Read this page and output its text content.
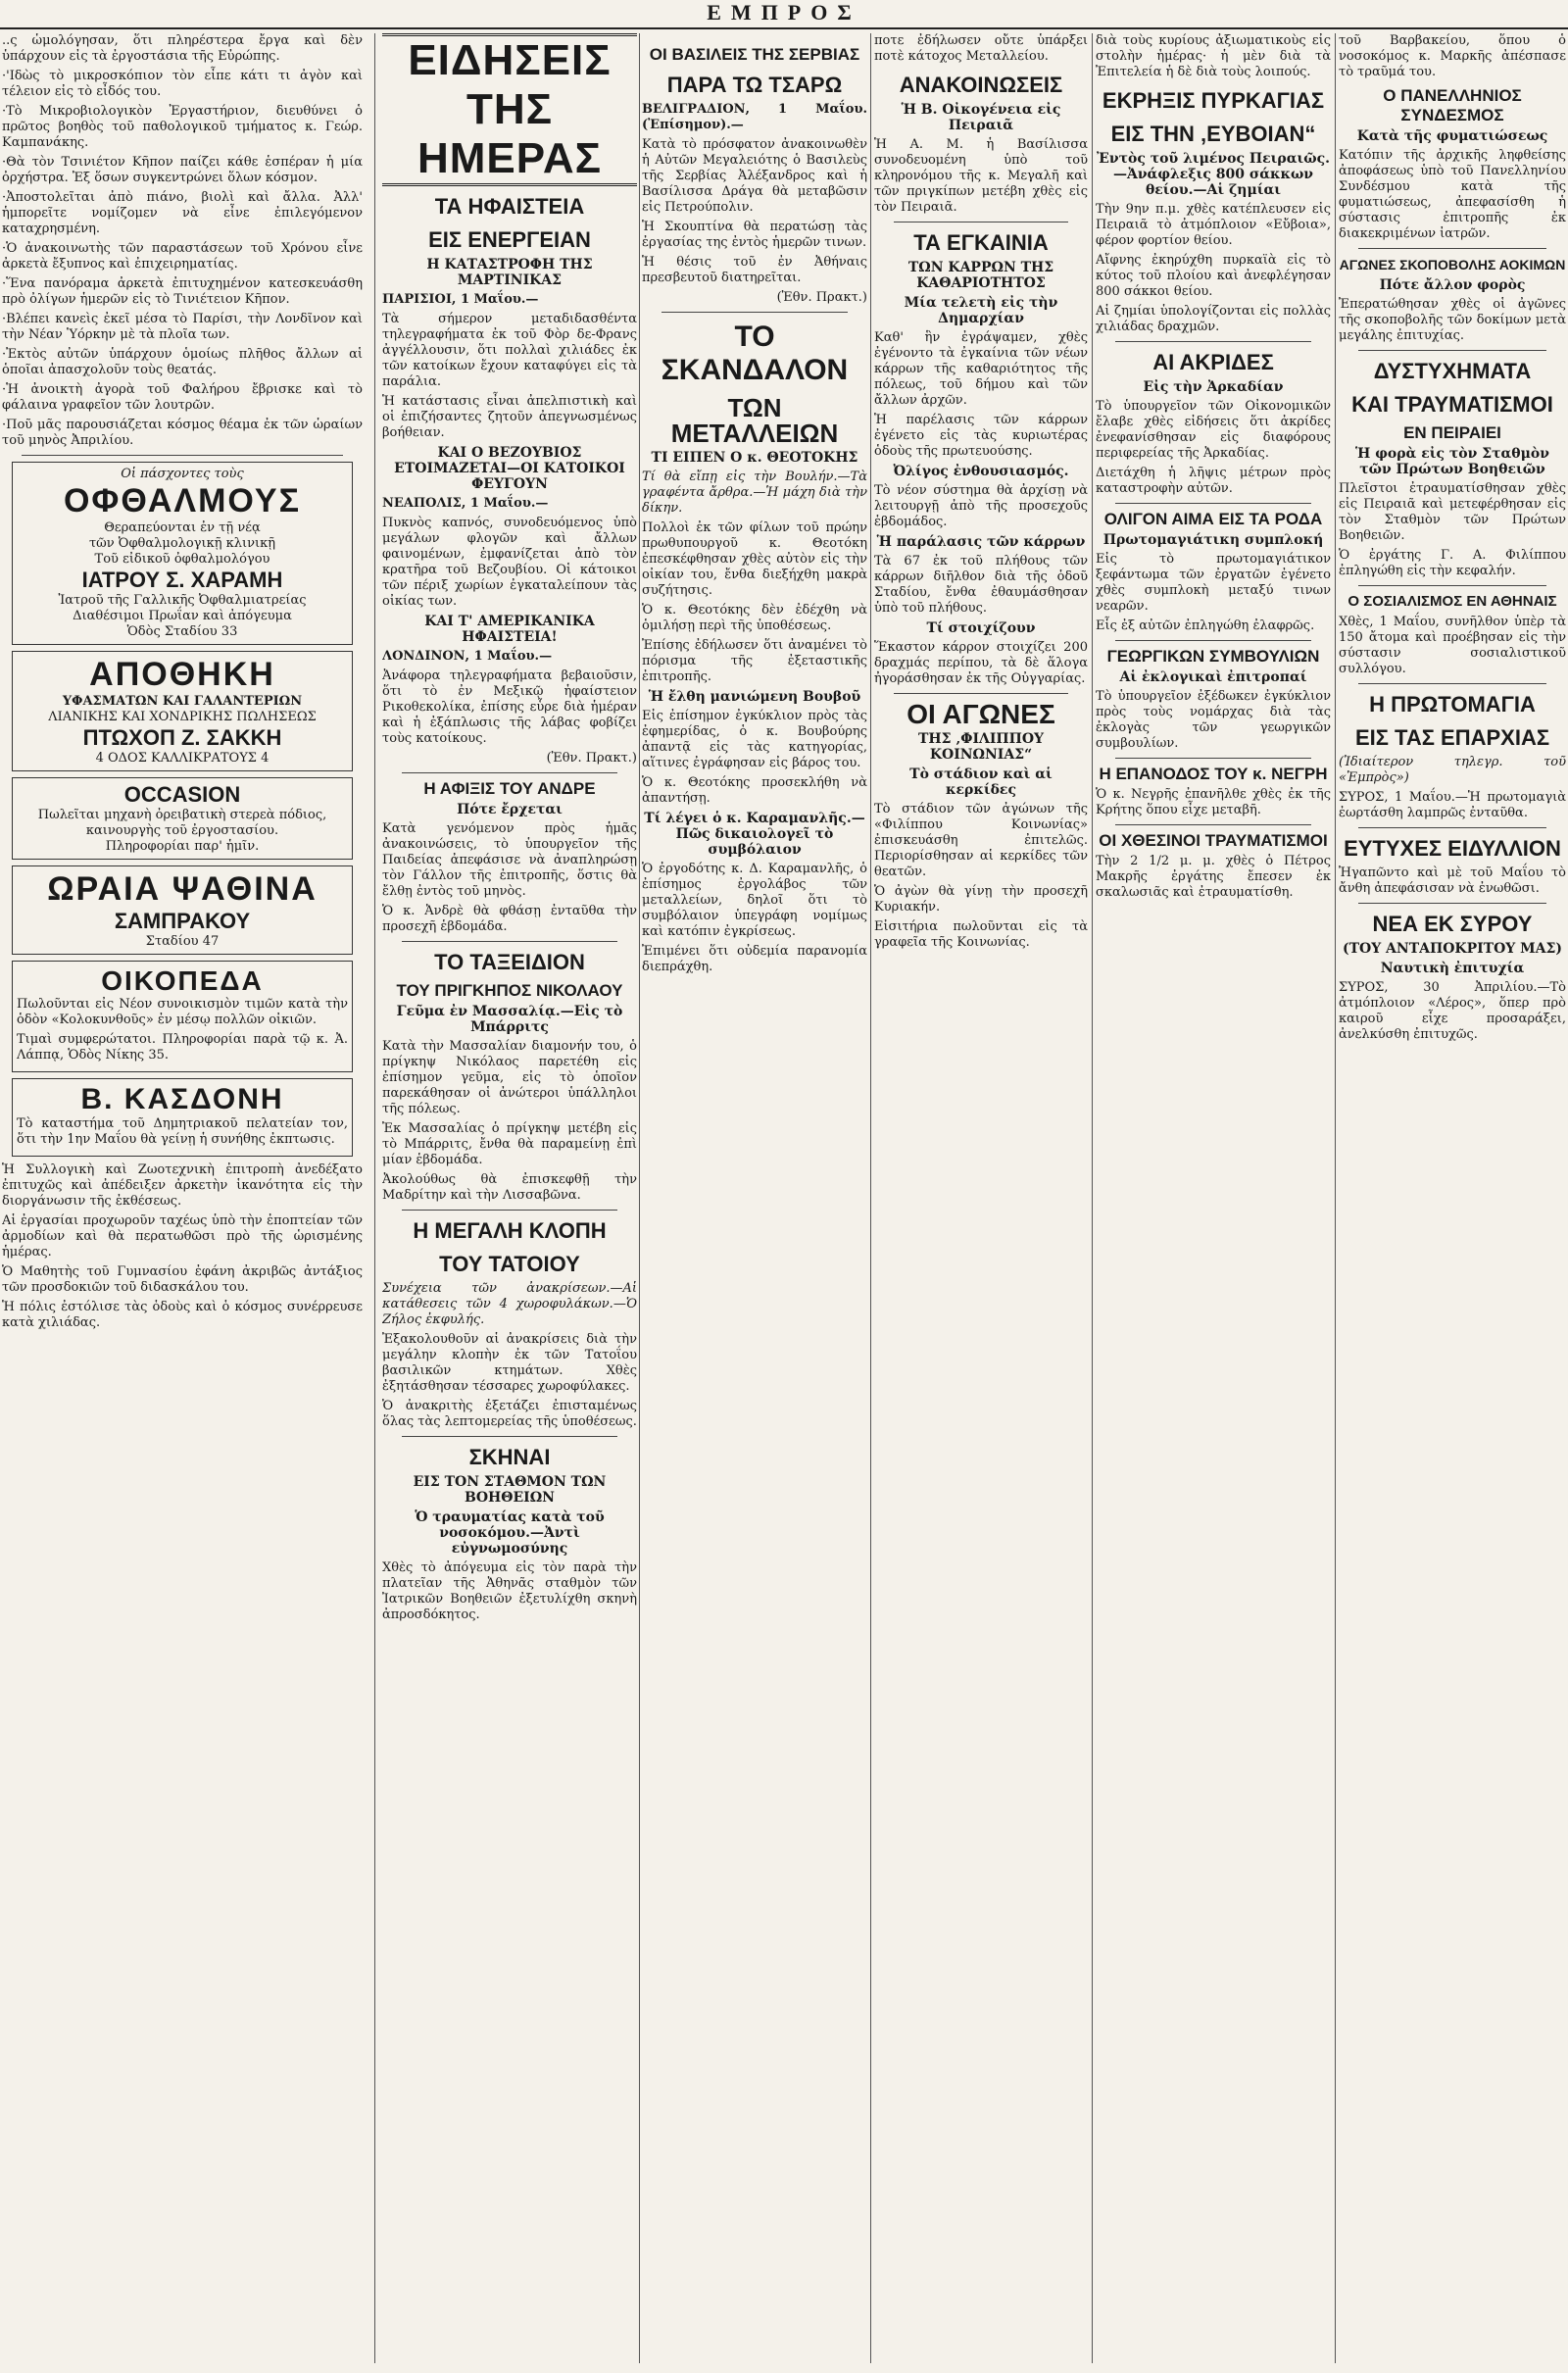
ΕΜΠΡΟΣ

..ς ὡμολόγησαν, ὅτι πληρέστερα ἔργα καὶ δὲν ὑπάρχουν εἰς τὰ ἐργοστάσια τῆς Εὐρώπης.

·'Ιδὼς τὸ μικροσκόπιον τὸν εἶπε κάτι τι ἀγὸν καὶ τέλειον εἰς τὸ εἶδός του.

·Τὸ Μικροβιολογικὸν Ἐργαστήριον, διευθύνει ὁ πρῶτος βοηθὸς τοῦ παθολογικοῦ τμήματος κ. Γεώρ. Καμπανάκης.

·Θὰ τὸν Τσινιέτον Κῆπον παίζει κάθε ἑσπέραν ἡ μία ὀρχήστρα. Ἐξ ὅσων συγκεντρώνει ὅλων κόσμον.

·Ἀποστολεῖται ἀπὸ πιάνο, βιολὶ καὶ ἄλλα. Ἀλλ' ἡμπορεῖτε νομίζομεν νὰ εἶνε ἐπιλεγόμενον καταχρησμένη.

·Ὁ ἀνακοινωτὴς τῶν παραστάσεων τοῦ Χρόνου εἶνε ἀρκετὰ ἔξυπνος καὶ ἐπιχειρηματίας.

·Ἕνα πανόραμα ἀρκετὰ ἐπιτυχημένον κατεσκευάσθη πρὸ ὀλίγων ἡμερῶν εἰς τὸ Τινιέτειον Κῆπον.

·Βλέπει κανεὶς ἐκεῖ μέσα τὸ Παρίσι, τὴν Λονδῖνον καὶ τὴν Νέαν Ὑόρκην μὲ τὰ πλοῖα των.

·Ἐκτὸς αὐτῶν ὑπάρχουν ὁμοίως πλῆθος ἄλλων αἱ ὁποῖαι ἀπασχολοῦν τοὺς θεατάς.

·Ἡ ἀνοικτὴ ἀγορὰ τοῦ Φαλήρου ἔβρισκε καὶ τὸ φάλαινα γραφεῖον τῶν λουτρῶν.

·Ποῦ μᾶς παρουσιάζεται κόσμος θέαμα ἐκ τῶν ὡραίων τοῦ μηνὸς Ἀπριλίου.

Οἱ πάσχοντες τοὺς
ΟΦΘΑΛΜΟΥΣ
Θεραπεύονται ἐν τῇ νέᾳ
τῶν Ὀφθαλμολογικῇ κλινικῇ
Τοῦ εἰδικοῦ ὀφθαλμολόγου
ΙΑΤΡΟΥ Σ. ΧΑΡΑΜΗ
Ἰατροῦ τῆς Γαλλικῆς Ὀφθαλμιατρείας
Διαθέσιμοι Πρωΐαν καὶ ἀπόγευμα
Ὁδὸς Σταδίου 33
ΑΠΟΘΗΚΗ
ΥΦΑΣΜΑΤΩΝ ΚΑΙ ΓΑΛΑΝΤΕΡΙΩΝ
ΛΙΑΝΙΚΗΣ ΚΑΙ ΧΟΝΔΡΙΚΗΣ ΠΩΛΗΣΕΩΣ
ΠΤΩΧΟΠ Ζ. ΣΑΚΚΗ
4 ΟΔΟΣ ΚΑΛΛΙΚΡΑΤΟΥΣ 4
OCCASION
Πωλεῖται μηχανὴ ὀρειβατικὴ στερεὰ πόδιος, καινουργὴς τοῦ ἐργοστασίου.
Πληροφορίαι παρ' ἡμῖν.
ΩΡΑΙΑ ΨΑΘΙΝΑ
ΣΑΜΠΡΑΚΟΥ
Σταδίου 47
ΟΙΚΟΠΕΔΑ

Πωλοῦνται εἰς Νέον συνοικισμὸν τιμῶν κατὰ τὴν ὁδὸν «Κολοκυνθοῦς» ἐν μέσῳ πολλῶν οἰκιῶν.

Τιμαὶ συμφερώτατοι. Πληροφορίαι παρὰ τῷ κ. Ἀ. Λάππᾳ, Ὁδὸς Νίκης 35.

Β. ΚΑΣΔΟΝΗ

Τὸ καταστήμα τοῦ Δημητριακοῦ πελατείαν τον, ὅτι τὴν 1ην Μαΐου θὰ γείνῃ ἡ συνήθης ἐκπτωσις.

Ἡ Συλλογικὴ καὶ Ζωοτεχνικὴ ἐπιτροπὴ ἀνεδέξατο ἐπιτυχῶς καὶ ἀπέδειξεν ἀρκετὴν ἱκανότητα εἰς τὴν διοργάνωσιν τῆς ἐκθέσεως.

Αἱ ἐργασίαι προχωροῦν ταχέως ὑπὸ τὴν ἐποπτείαν τῶν ἀρμοδίων καὶ θὰ περατωθῶσι πρὸ τῆς ὡρισμένης ἡμέρας.

Ὁ Μαθητὴς τοῦ Γυμνασίου ἐφάνη ἀκριβῶς ἀντάξιος τῶν προσδοκιῶν τοῦ διδασκάλου του.

Ἡ πόλις ἐστόλισε τὰς ὁδοὺς καὶ ὁ κόσμος συνέρρευσε κατὰ χιλιάδας.

ΕΙΔΗΣΕΙΣ ΤΗΣ ΗΜΕΡΑΣ
ΤΑ ΗΦΑΙΣΤΕΙΑ
ΕΙΣ ΕΝΕΡΓΕΙΑΝ
Η ΚΑΤΑΣΤΡΟΦΗ ΤΗΣ ΜΑΡΤΙΝΙΚΑΣ

ΠΑΡΙΣΙΟΙ, 1 Μαΐου.—

Τὰ σήμερον μεταδιδασθέντα τηλεγραφήματα ἐκ τοῦ Φὸρ δε-Φρανς ἀγγέλλουσιν, ὅτι πολλαὶ χιλιάδες ἐκ τῶν κατοίκων ἔχουν καταφύγει εἰς τὰ παράλια.

Ἡ κατάστασις εἶναι ἀπελπιστικὴ καὶ οἱ ἐπιζήσαντες ζητοῦν ἀπεγνωσμένως βοήθειαν.

ΚΑΙ Ο ΒΕΖΟΥΒΙΟΣ ΕΤΟΙΜΑΖΕΤΑΙ—ΟΙ ΚΑΤΟΙΚΟΙ ΦΕΥΓΟΥΝ

ΝΕΑΠΟΛΙΣ, 1 Μαΐου.—

Πυκνὸς καπνός, συνοδευόμενος ὑπὸ μεγάλων φλογῶν καὶ ἄλλων φαινομένων, ἐμφανίζεται ἀπὸ τὸν κρατῆρα τοῦ Βεζουβίου. Οἱ κάτοικοι τῶν πέριξ χωρίων ἐγκαταλείπουν τὰς οἰκίας των.

ΚΑΙ Τ' ΑΜΕΡΙΚΑΝΙΚΑ ΗΦΑΙΣΤΕΙΑ!

ΛΟΝΔΙΝΟΝ, 1 Μαΐου.—

Ἀνάφορα τηλεγραφήματα βεβαιοῦσιν, ὅτι τὸ ἐν Μεξικῷ ἡφαίστειον Ρικοθεκολίκα, ἐπίσης εὗρε διὰ ἡμέραν καὶ ἡ ἐξάπλωσις τῆς λάβας φοβίζει τοὺς κατοίκους.

(Ἐθν. Πρακτ.)

Η ΑΦΙΞΙΣ ΤΟΥ ΑΝΔΡΕ
Πότε ἔρχεται

Κατὰ γενόμενον πρὸς ἡμᾶς ἀνακοινώσεις, τὸ ὑπουργεῖον τῆς Παιδείας ἀπεφάσισε νὰ ἀναπληρώσῃ τὸν Γάλλον τῆς ἐπιτροπῆς, ὅστις θὰ ἔλθῃ ἐντὸς τοῦ μηνὸς.

Ὁ κ. Ἀνδρὲ θὰ φθάσῃ ἐνταῦθα τὴν προσεχῆ ἑβδομάδα.

ΤΟ ΤΑΞΕΙΔΙΟΝ
ΤΟΥ ΠΡΙΓΚΗΠΟΣ ΝΙΚΟΛΑΟΥ
Γεῦμα ἐν Μασσαλίᾳ.—Εἰς τὸ Μπάρριτς

Κατὰ τὴν Μασσαλίαν διαμονήν του, ὁ πρίγκηψ Νικόλαος παρετέθη εἰς ἐπίσημον γεῦμα, εἰς τὸ ὁποῖον παρεκάθησαν οἱ ἀνώτεροι ὑπάλληλοι τῆς πόλεως.

Ἐκ Μασσαλίας ὁ πρίγκηψ μετέβη εἰς τὸ Μπάρριτς, ἔνθα θὰ παραμείνῃ ἐπὶ μίαν ἑβδομάδα.

Ἀκολούθως θὰ ἐπισκεφθῇ τὴν Μαδρίτην καὶ τὴν Λισσαβῶνα.

Η ΜΕΓΑΛΗ ΚΛΟΠΗ
ΤΟΥ ΤΑΤΟΙΟΥ

Συνέχεια τῶν ἀνακρίσεων.—Αἱ κατάθεσεις τῶν 4 χωροφυλάκων.—Ὁ Ζήλος ἐκφυλής.

Ἐξακολουθοῦν αἱ ἀνακρίσεις διὰ τὴν μεγάλην κλοπὴν ἐκ τῶν Τατοΐου βασιλικῶν κτημάτων. Χθὲς ἐξητάσθησαν τέσσαρες χωροφύλακες.

Ὁ ἀνακριτὴς ἐξετάζει ἐπισταμένως ὅλας τὰς λεπτομερείας τῆς ὑποθέσεως.

ΣΚΗΝΑΙ
ΕΙΣ ΤΟΝ ΣΤΑΘΜΟΝ ΤΩΝ ΒΟΗΘΕΙΩΝ
Ὁ τραυματίας κατὰ τοῦ νοσοκόμου.—Ἀντὶ εὐγνωμοσύνης

Χθὲς τὸ ἀπόγευμα εἰς τὸν παρὰ τὴν πλατεῖαν τῆς Ἀθηνᾶς σταθμὸν τῶν Ἰατρικῶν Βοηθειῶν ἐξετυλίχθη σκηνὴ ἀπροσδόκητος.

ΟΙ ΒΑΣΙΛΕΙΣ ΤΗΣ ΣΕΡΒΙΑΣ
ΠΑΡΑ ΤΩ ΤΣΑΡΩ

ΒΕΛΙΓΡΑΔΙΟΝ, 1 Μαΐου. (Ἐπίσημον).—

Κατὰ τὸ πρόσφατον ἀνακοινωθὲν ἡ Αὐτῶν Μεγαλειότης ὁ Βασιλεὺς τῆς Σερβίας Ἀλέξανδρος καὶ ἡ Βασίλισσα Δράγα θὰ μεταβῶσιν εἰς Πετρούπολιν.

Ἡ Σκουπτίνα θὰ περατώσῃ τὰς ἐργασίας της ἐντὸς ἡμερῶν τινων.

Ἡ θέσις τοῦ ἐν Ἀθήναις πρεσβευτοῦ διατηρεῖται.

(Ἐθν. Πρακτ.)

ΤΟ ΣΚΑΝΔΑΛΟΝ
ΤΩΝ ΜΕΤΑΛΛΕΙΩΝ
ΤΙ ΕΙΠΕΝ Ο κ. ΘΕΟΤΟΚΗΣ

Τί θὰ εἴπῃ εἰς τὴν Βουλήν.—Τὰ γραφέντα ἄρθρα.—Ἡ μάχη διὰ τὴν δίκην.

Πολλοὶ ἐκ τῶν φίλων τοῦ πρώην πρωθυπουργοῦ κ. Θεοτόκη ἐπεσκέφθησαν χθὲς αὐτὸν εἰς τὴν οἰκίαν του, ἔνθα διεξήχθη μακρὰ συζήτησις.

Ὁ κ. Θεοτόκης δὲν ἐδέχθη νὰ ὁμιλήσῃ περὶ τῆς ὑποθέσεως.

Ἐπίσης ἐδήλωσεν ὅτι ἀναμένει τὸ πόρισμα τῆς ἐξεταστικῆς ἐπιτροπῆς.

Ἡ ἔλθη μανιώμενη Βουβοῦ

Εἰς ἐπίσημον ἐγκύκλιον πρὸς τὰς ἐφημερίδας, ὁ κ. Βουβούρης ἀπαντᾷ εἰς τὰς κατηγορίας, αἵτινες ἐγράφησαν εἰς βάρος του.

Ὁ κ. Θεοτόκης προσεκλήθη νὰ ἀπαντήσῃ.

Τί λέγει ὁ κ. Καραμανλῆς.—Πῶς δικαιολογεῖ τὸ συμβόλαιον

Ὁ ἐργοδότης κ. Δ. Καραμανλῆς, ὁ ἐπίσημος ἐργολάβος τῶν μεταλλείων, δηλοῖ ὅτι τὸ συμβόλαιον ὑπεγράφη νομίμως καὶ κατόπιν ἐγκρίσεως.

Ἐπιμένει ὅτι οὐδεμία παρανομία διεπράχθη.

ποτε ἐδήλωσεν οὔτε ὑπάρξει ποτὲ κάτοχος Μεταλλείου.

ΑΝΑΚΟΙΝΩΣΕΙΣ
Ἡ Β. Οἰκογένεια εἰς Πειραιᾶ

Ἡ Α. Μ. ἡ Βασίλισσα συνοδευομένη ὑπὸ τοῦ κληρονόμου τῆς κ. Μεγαλῆ καὶ τῶν πριγκίπων μετέβη χθὲς εἰς τὸν Πειραιᾶ.

ΤΑ ΕΓΚΑΙΝΙΑ
ΤΩΝ ΚΑΡΡΩΝ ΤΗΣ ΚΑΘΑΡΙΟΤΗΤΟΣ
Μία τελετὴ εἰς τὴν Δημαρχίαν

Καθ' ἣν ἐγράψαμεν, χθὲς ἐγένοντο τὰ ἐγκαίνια τῶν νέων κάρρων τῆς καθαριότητος τῆς πόλεως, τοῦ δήμου καὶ τῶν ἄλλων ἀρχῶν.

Ἡ παρέλασις τῶν κάρρων ἐγένετο εἰς τὰς κυριωτέρας ὁδοὺς τῆς πρωτευούσης.

Ὀλίγος ἐνθουσιασμός.

Τὸ νέον σύστημα θὰ ἀρχίσῃ νὰ λειτουργῇ ἀπὸ τῆς προσεχοῦς ἑβδομάδος.

Ἡ παράλασις τῶν κάρρων

Τὰ 67 ἐκ τοῦ πλήθους τῶν κάρρων διῆλθον διὰ τῆς ὁδοῦ Σταδίου, ἔνθα ἐθαυμάσθησαν ὑπὸ τοῦ πλήθους.

Τί στοιχίζουν

Ἕκαστον κάρρον στοιχίζει 200 δραχμάς περίπου, τὰ δὲ ἅλογα ἠγοράσθησαν ἐκ τῆς Οὐγγαρίας.

ΟΙ ΑΓΩΝΕΣ
ΤΗΣ ‚ΦΙΛΙΠΠΟΥ ΚΟΙΝΩΝΙΑΣ“
Τὸ στάδιον καὶ αἱ κερκίδες

Τὸ στάδιον τῶν ἀγώνων τῆς «Φιλίππου Κοινωνίας» ἐπισκευάσθη ἐπιτελῶς. Περιορίσθησαν αἱ κερκίδες τῶν θεατῶν.

Ὁ ἀγὼν θὰ γίνῃ τὴν προσεχῆ Κυριακήν.

Εἰσιτήρια πωλοῦνται εἰς τὰ γραφεῖα τῆς Κοινωνίας.

διὰ τοὺς κυρίους ἀξιωματικοὺς εἰς στολὴν ἡμέρας· ἡ μὲν διὰ τὰ Ἐπιτελεία ἡ δὲ διὰ τοὺς λοιπούς.

ΕΚΡΗΞΙΣ ΠΥΡΚΑΓΙΑΣ
ΕΙΣ ΤΗΝ ‚ΕΥΒΟΙΑΝ“
Ἐντὸς τοῦ λιμένος Πειραιῶς.—Ἀνάφλεξις 800 σάκκων θείου.—Αἱ ζημίαι

Τὴν 9ην π.μ. χθὲς κατέπλευσεν εἰς Πειραιᾶ τὸ ἀτμόπλοιον «Εὔβοια», φέρον φορτίον θείου.

Αἴφνης ἐκηρύχθη πυρκαϊὰ εἰς τὸ κύτος τοῦ πλοίου καὶ ἀνεφλέγησαν 800 σάκκοι θείου.

Αἱ ζημίαι ὑπολογίζονται εἰς πολλὰς χιλιάδας δραχμῶν.

ΑΙ ΑΚΡΙΔΕΣ
Εἰς τὴν Ἀρκαδίαν

Τὸ ὑπουργεῖον τῶν Οἰκονομικῶν ἔλαβε χθὲς εἰδήσεις ὅτι ἀκρίδες ἐνεφανίσθησαν εἰς διαφόρους περιφερείας τῆς Ἀρκαδίας.

Διετάχθη ἡ λῆψις μέτρων πρὸς καταστροφὴν αὐτῶν.

ΟΛΙΓΟΝ ΑΙΜΑ ΕΙΣ ΤΑ ΡΟΔΑ
Πρωτομαγιάτικη συμπλοκή

Εἰς τὸ πρωτομαγιάτικον ξεφάντωμα τῶν ἐργατῶν ἐγένετο χθὲς συμπλοκὴ μεταξύ τινων νεαρῶν.

Εἷς ἐξ αὐτῶν ἐπληγώθη ἐλαφρῶς.

ΓΕΩΡΓΙΚΩΝ ΣΥΜΒΟΥΛΙΩΝ
Αἱ ἐκλογικαὶ ἐπιτροπαί

Τὸ ὑπουργεῖον ἐξέδωκεν ἐγκύκλιον πρὸς τοὺς νομάρχας διὰ τὰς ἐκλογὰς τῶν γεωργικῶν συμβουλίων.

Η ΕΠΑΝΟΔΟΣ ΤΟΥ κ. ΝΕΓΡΗ

Ὁ κ. Νεγρῆς ἐπανῆλθε χθὲς ἐκ τῆς Κρήτης ὅπου εἶχε μεταβῆ.

ΟΙ ΧΘΕΣΙΝΟΙ ΤΡΑΥΜΑΤΙΣΜΟΙ

Τὴν 2 1/2 μ. μ. χθὲς ὁ Πέτρος Μακρῆς ἐργάτης ἔπεσεν ἐκ σκαλωσιᾶς καὶ ἐτραυματίσθη.

τοῦ Βαρβακείου, ὅπου ὁ νοσοκόμος κ. Μαρκῆς ἀπέσπασε τὸ τραῦμά του.

Ο ΠΑΝΕΛΛΗΝΙΟΣ ΣΥΝΔΕΣΜΟΣ
Κατὰ τῆς φυματιώσεως

Κατόπιν τῆς ἀρχικῆς ληφθείσης ἀποφάσεως ὑπὸ τοῦ Πανελληνίου Συνδέσμου κατὰ τῆς φυματιώσεως, ἀπεφασίσθη ἡ σύστασις ἐπιτροπῆς ἐκ διακεκριμένων ἰατρῶν.

ΑΓΩΝΕΣ ΣΚΟΠΟΒΟΛΗΣ ΑΟΚΙΜΩΝ
Πότε ἄλλον φορὸς

Ἐπερατώθησαν χθὲς οἱ ἀγῶνες τῆς σκοποβολῆς τῶν δοκίμων μετὰ μεγάλης ἐπιτυχίας.

ΔΥΣΤΥΧΗΜΑΤΑ
ΚΑΙ ΤΡΑΥΜΑΤΙΣΜΟΙ
ΕΝ ΠΕΙΡΑΙΕΙ
Ἡ φορὰ εἰς τὸν Σταθμὸν τῶν Πρώτων Βοηθειῶν

Πλεῖστοι ἐτραυματίσθησαν χθὲς εἰς Πειραιᾶ καὶ μετεφέρθησαν εἰς τὸν Σταθμὸν τῶν Πρώτων Βοηθειῶν.

Ὁ ἐργάτης Γ. Α. Φιλίππου ἐπληγώθη εἰς τὴν κεφαλήν.

Ο ΣΟΣΙΑΛΙΣΜΟΣ ΕΝ ΑΘΗΝΑΙΣ

Χθὲς, 1 Μαΐου, συνῆλθον ὑπὲρ τὰ 150 ἄτομα καὶ προέβησαν εἰς τὴν σύστασιν σοσιαλιστικοῦ συλλόγου.

Η ΠΡΩΤΟΜΑΓΙΑ
ΕΙΣ ΤΑΣ ΕΠΑΡΧΙΑΣ

(Ἰδιαίτερον τηλεγρ. τοῦ «Ἐμπρὸς»)

ΣΥΡΟΣ, 1 Μαΐου.—Ἡ πρωτομαγιὰ ἐωρτάσθη λαμπρῶς ἐνταῦθα.

ΕΥΤΥΧΕΣ ΕΙΔΥΛΛΙΟΝ

Ἠγαπῶντο καὶ μὲ τοῦ Μαΐου τὸ ἄνθη ἀπεφάσισαν νὰ ἐνωθῶσι.

ΝΕΑ ΕΚ ΣΥΡΟΥ
(ΤΟΥ ΑΝΤΑΠΟΚΡΙΤΟΥ ΜΑΣ)
Ναυτικὴ ἐπιτυχία

ΣΥΡΟΣ, 30 Ἀπριλίου.—Τὸ ἀτμόπλοιον «Λέρος», ὅπερ πρὸ καιροῦ εἶχε προσαράξει, ἀνελκύσθη ἐπιτυχῶς.
